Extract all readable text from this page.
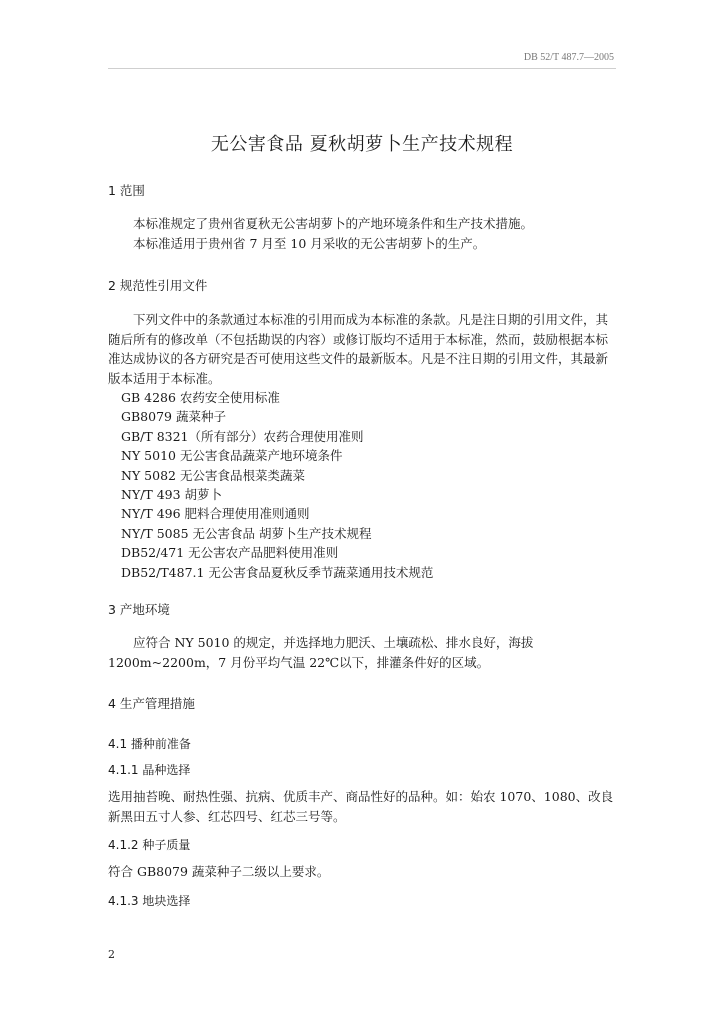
DB 52/T 487.7—2005
无公害食品 夏秋胡萝卜生产技术规程
1 范围
本标准规定了贵州省夏秋无公害胡萝卜的产地环境条件和生产技术措施。
本标准适用于贵州省 7 月至 10 月采收的无公害胡萝卜的生产。
2 规范性引用文件
下列文件中的条款通过本标准的引用而成为本标准的条款。凡是注日期的引用文件，其随后所有的修改单（不包括勘误的内容）或修订版均不适用于本标准，然而，鼓励根据本标准达成协议的各方研究是否可使用这些文件的最新版本。凡是不注日期的引用文件，其最新版本适用于本标准。
GB 4286 农药安全使用标准
GB8079 蔬菜种子
GB/T 8321（所有部分）农药合理使用准则
NY 5010 无公害食品蔬菜产地环境条件
NY 5082 无公害食品根菜类蔬菜
NY/T 493 胡萝卜
NY/T 496 肥料合理使用准则通则
NY/T 5085 无公害食品 胡萝卜生产技术规程
DB52/471 无公害农产品肥料使用准则
DB52/T487.1 无公害食品夏秋反季节蔬菜通用技术规范
3 产地环境
应符合 NY 5010 的规定，并选择地力肥沃、土壤疏松、排水良好，海拔 1200m~2200m，7 月份平均气温 22℃以下，排灌条件好的区域。
4 生产管理措施
4.1 播种前准备
4.1.1 晶种选择
选用抽苔晚、耐热性强、抗病、优质丰产、商品性好的品种。如：始农 1070、1080、改良新黑田五寸人参、红芯四号、红芯三号等。
4.1.2 种子质量
符合 GB8079 蔬菜种子二级以上要求。
4.1.3 地块选择
2
